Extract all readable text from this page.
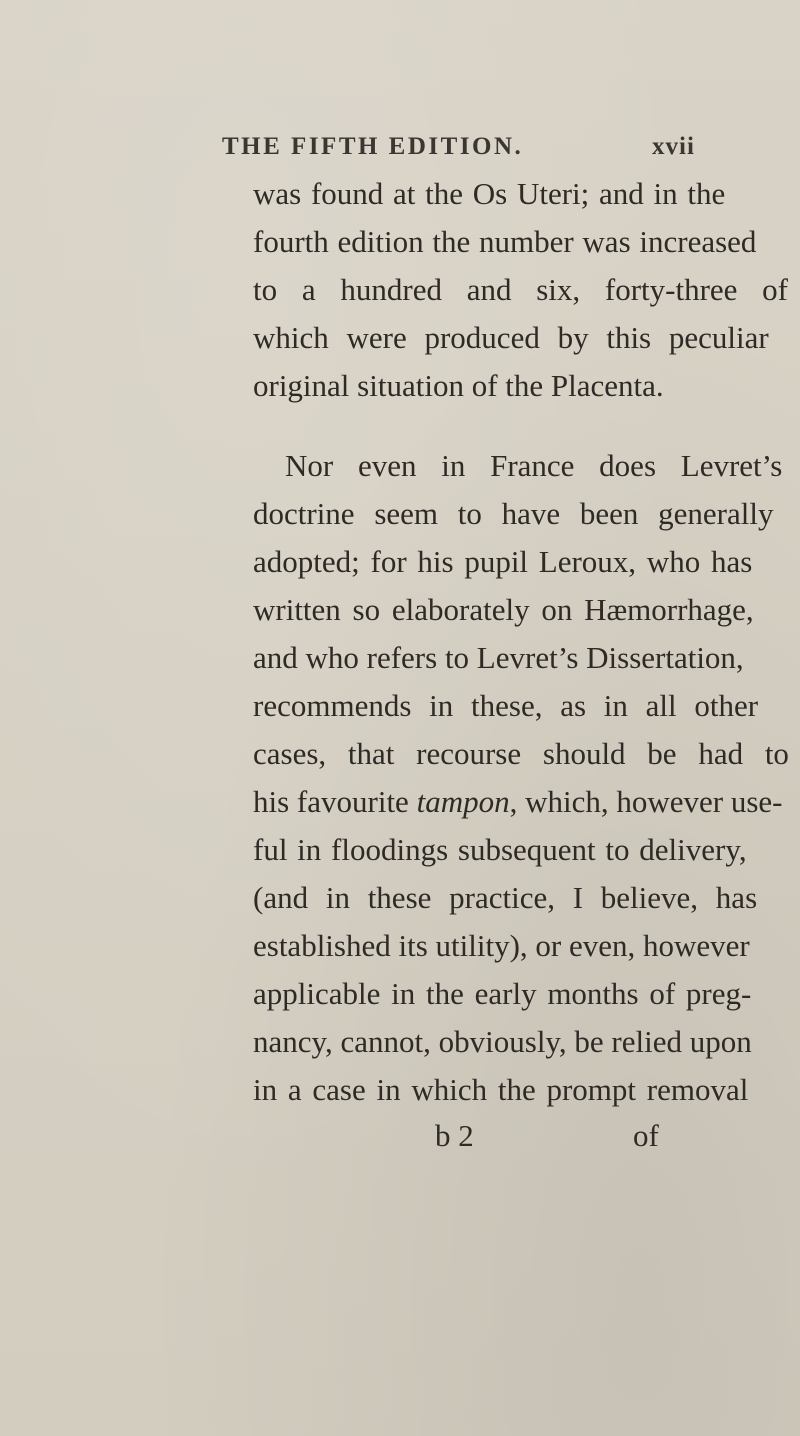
THE FIFTH EDITION.	xvii
was found at the Os Uteri; and in the
fourth edition the number was increased
to a hundred and six, forty-three of
which were produced by this peculiar
original situation of the Placenta.
Nor even in France does Levret’s
doctrine seem to have been generally
adopted; for his pupil Leroux, who has
written so elaborately on Hæmorrhage,
and who refers to Levret’s Dissertation,
recommends in these, as in all other
cases, that recourse should be had to
his favourite tampon, which, however use-
ful in floodings subsequent to delivery,
(and in these practice, I believe, has
established its utility), or even, however
applicable in the early months of preg-
nancy, cannot, obviously, be relied upon
in a case in which the prompt removal
b 2	of
